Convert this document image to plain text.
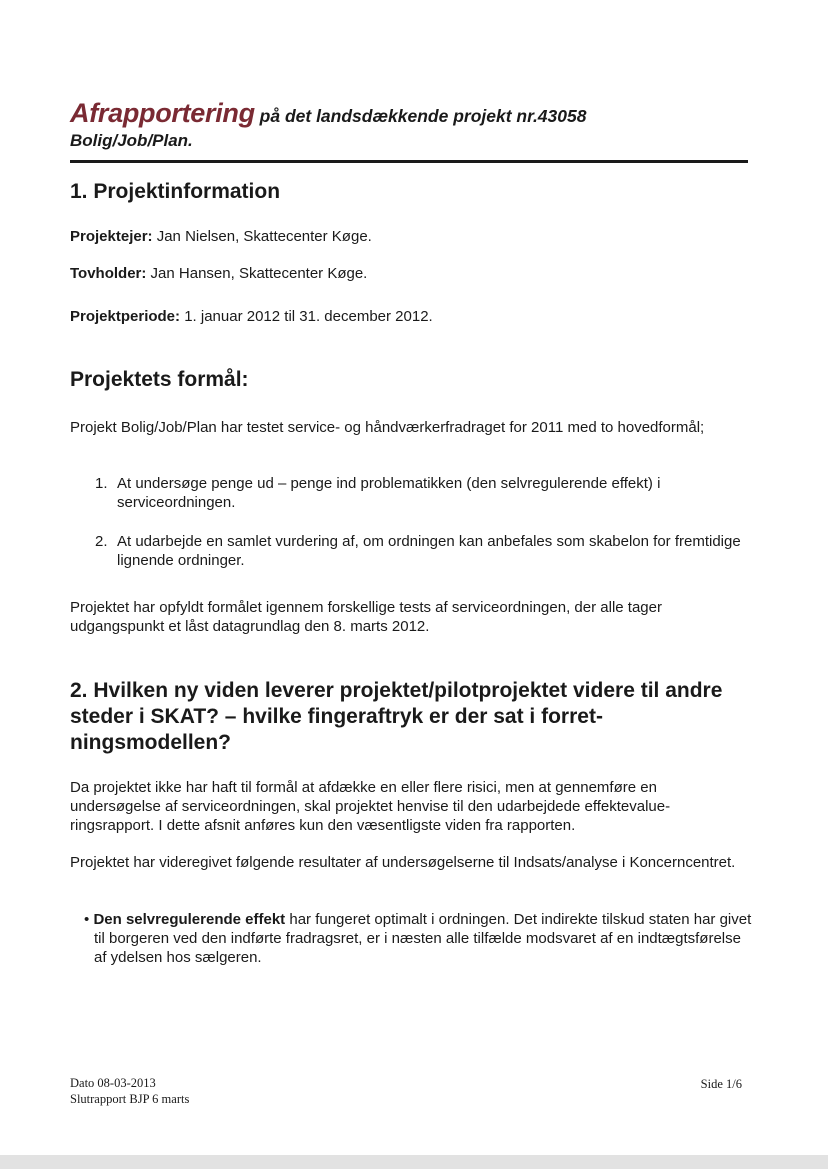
Afrapportering på det landsdækkende projekt nr.43058
Bolig/Job/Plan.
1. Projektinformation

Projektejer: Jan Nielsen, Skattecenter Køge.

Tovholder: Jan Hansen, Skattecenter Køge.

Projektperiode: 1. januar 2012 til 31. december 2012.

Projektets formål:

Projekt Bolig/Job/Plan har testet service- og håndværkerfradraget for 2011 med to hovedformål;

1. At undersøge penge ud – penge ind problematikken (den selvregulerende effekt) i serviceordningen.
2. At udarbejde en samlet vurdering af, om ordningen kan anbefales som skabelon for fremtidige lignende ordninger.

Projektet har opfyldt formålet igennem forskellige tests af serviceordningen, der alle tager udgangspunkt et låst datagrundlag den 8. marts 2012.

2. Hvilken ny viden leverer projektet/pilotprojektet videre til andre steder i SKAT? – hvilke fingeraftryk er der sat i forret-ningsmodellen?

Da projektet ikke har haft til formål at afdække en eller flere risici, men at gennemføre en undersøgelse af serviceordningen, skal projektet henvise til den udarbejdede effektevalue-ringsrapport. I dette afsnit anføres kun den væsentligste viden fra rapporten.

Projektet har videregivet følgende resultater af undersøgelserne til Indsats/analyse i Koncerncentret.

• Den selvregulerende effekt har fungeret optimalt i ordningen. Det indirekte tilskud staten har givet til borgeren ved den indførte fradragsret, er i næsten alle tilfælde modsvaret af en indtægtsførelse af ydelsen hos sælgeren.

Dato 08-03-2013
Slutrapport BJP 6 marts
Side 1/6
